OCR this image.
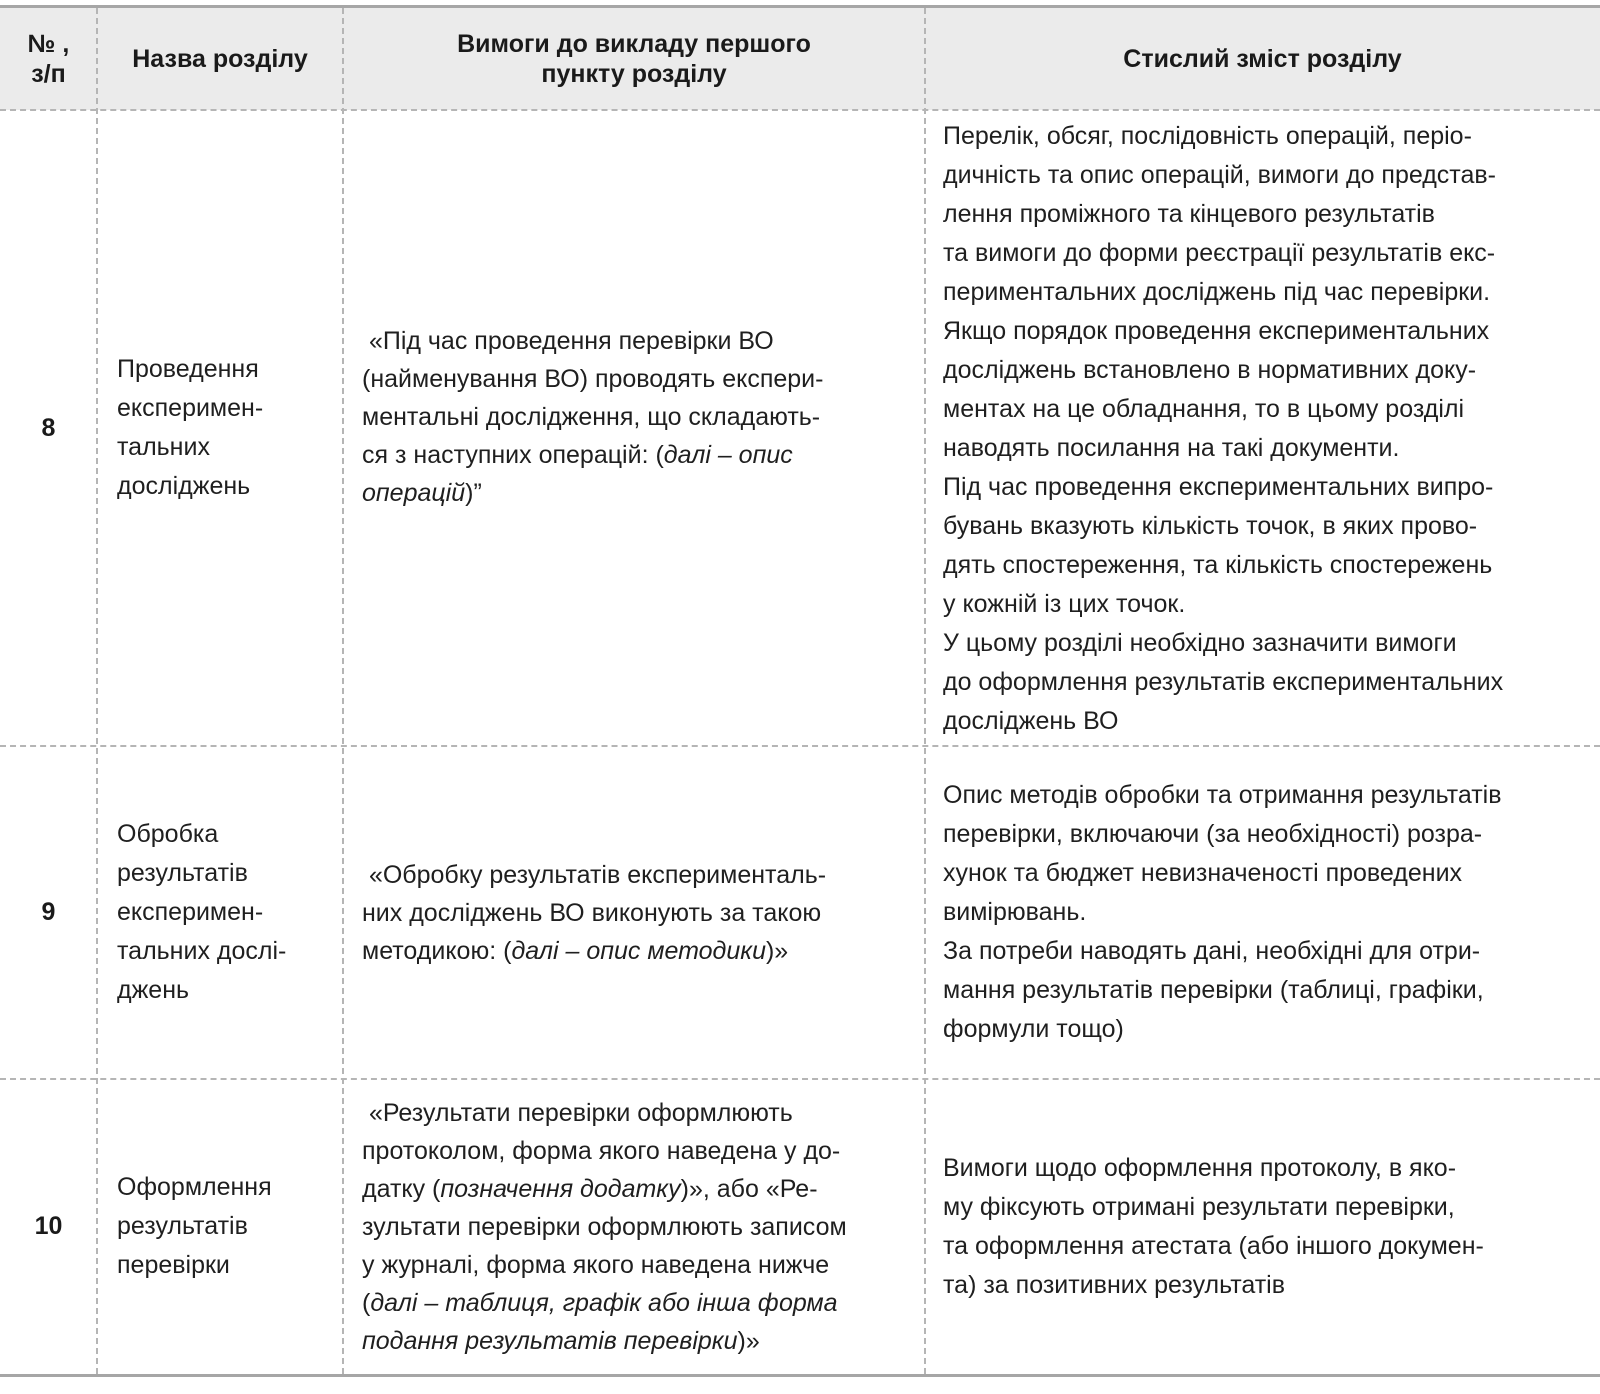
№ ,
з/п
Назва розділу
Вимоги до викладу першого
пункту розділу
Стислий зміст розділу
8
Проведення
експеримен-
тальних
досліджень
«Під час проведення перевірки ВО
(найменування ВО) проводять експери-
ментальні дослідження, що складають-
ся з наступних операцій: (далі – опис
операцій)”
Перелік, обсяг, послідовність операцій, періо-
дичність та опис операцій, вимоги до представ-
лення проміжного та кінцевого результатів
та вимоги до форми реєстрації результатів екс-
периментальних досліджень під час перевірки.
Якщо порядок проведення експериментальних
досліджень встановлено в нормативних доку-
ментах на це обладнання, то в цьому розділі
наводять посилання на такі документи.
Під час проведення експериментальних випро-
бувань вказують кількість точок, в яких прово-
дять спостереження, та кількість спостережень
у кожній із цих точок.
У цьому розділі необхідно зазначити вимоги
до оформлення результатів експериментальних
досліджень ВО
9
Обробка
результатів
експеримен-
тальних дослі-
джень
«Обробку результатів експерименталь-
них досліджень ВО виконують за такою
методикою: (далі – опис методики)»
Опис методів обробки та отримання результатів
перевірки, включаючи (за необхідності) розра-
хунок та бюджет невизначеності проведених
вимірювань.
За потреби наводять дані, необхідні для отри-
мання результатів перевірки (таблиці, графіки,
формули тощо)
10
Оформлення
результатів
перевірки
«Результати перевірки оформлюють
протоколом, форма якого наведена у до-
датку (позначення додатку)», або «Ре-
зультати перевірки оформлюють записом
у журналі, форма якого наведена нижче
(далі – таблиця, графік або інша форма
подання результатів перевірки)»
Вимоги щодо оформлення протоколу, в яко-
му фіксують отримані результати перевірки,
та оформлення атестата (або іншого докумен-
та) за позитивних результатів
